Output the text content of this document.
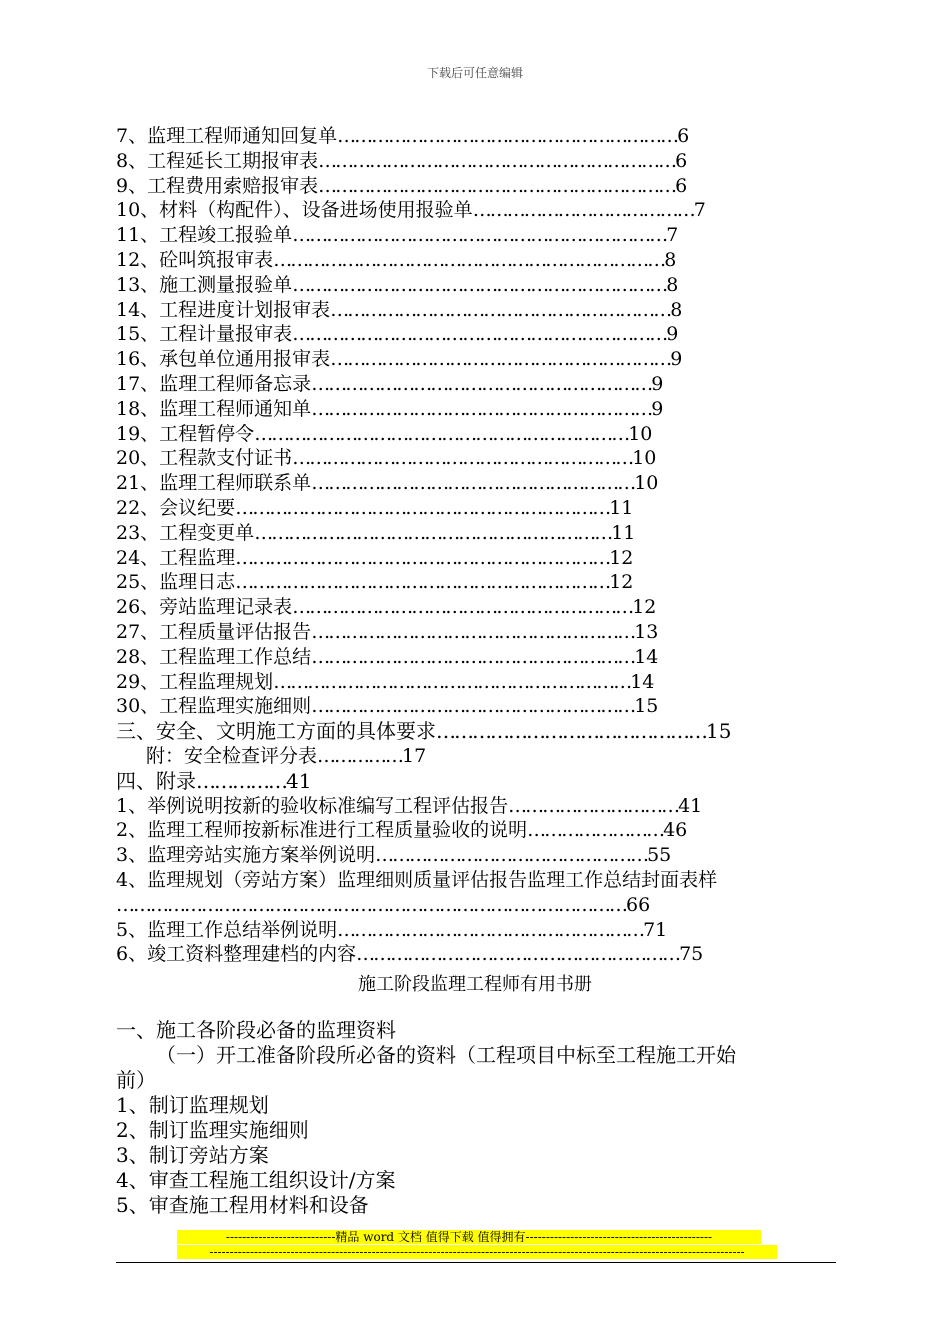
下载后可任意编辑
7、监理工程师通知回复单……………………………………………………6
8、工程延长工期报审表………………………………………………………6
9、工程费用索赔报审表………………………………………………………6
10、材料（构配件）、设备进场使用报验单…………………………………7
11、工程竣工报验单…………………………………………………………7
12、砼叫筑报审表……………………………………………………………8
13、施工测量报验单…………………………………………………………8
14、工程进度计划报审表……………………………………………………8
15、工程计量报审表…………………………………………………………9
16、承包单位通用报审表……………………………………………………9
17、监理工程师备忘录……………………………………………………9
18、监理工程师通知单……………………………………………………9
19、工程暂停令…………………………………………………………10
20、工程款支付证书……………………………………………………10
21、监理工程师联系单…………………………………………………10
22、会议纪要…………………………………………………………11
23、工程变更单………………………………………………………11
24、工程监理…………………………………………………………12
25、监理日志…………………………………………………………12
26、旁站监理记录表……………………………………………………12
27、工程质量评估报告…………………………………………………13
28、工程监理工作总结…………………………………………………14
29、工程监理规划………………………………………………………14
30、工程监理实施细则…………………………………………………15
三、安全、文明施工方面的具体要求………………………………………15
附：安全检查评分表……………17
四、附录……………41
1、举例说明按新的验收标准编写工程评估报告…………………………41
2、监理工程师按新标准进行工程质量验收的说明……………………46
3、监理旁站实施方案举例说明…………………………………………55
4、监理规划（旁站方案）监理细则质量评估报告监理工作总结封面表样
………………………………………………………………………………66
5、监理工作总结举例说明………………………………………………71
6、竣工资料整理建档的内容…………………………………………………75
施工阶段监理工程师有用书册
一、施工各阶段必备的监理资料
（一）开工准备阶段所必备的资料（工程项目中标至工程施工开始
前）
1、制订监理规划
2、制订监理实施细则
3、制订旁站方案
4、审查工程施工组织设计/方案
5、审查施工程用材料和设备
---------------------------精品 word 文档 值得下载 值得拥有----------------------------------------------
------------------------------------------------------------------------------------------------------------------------------------
